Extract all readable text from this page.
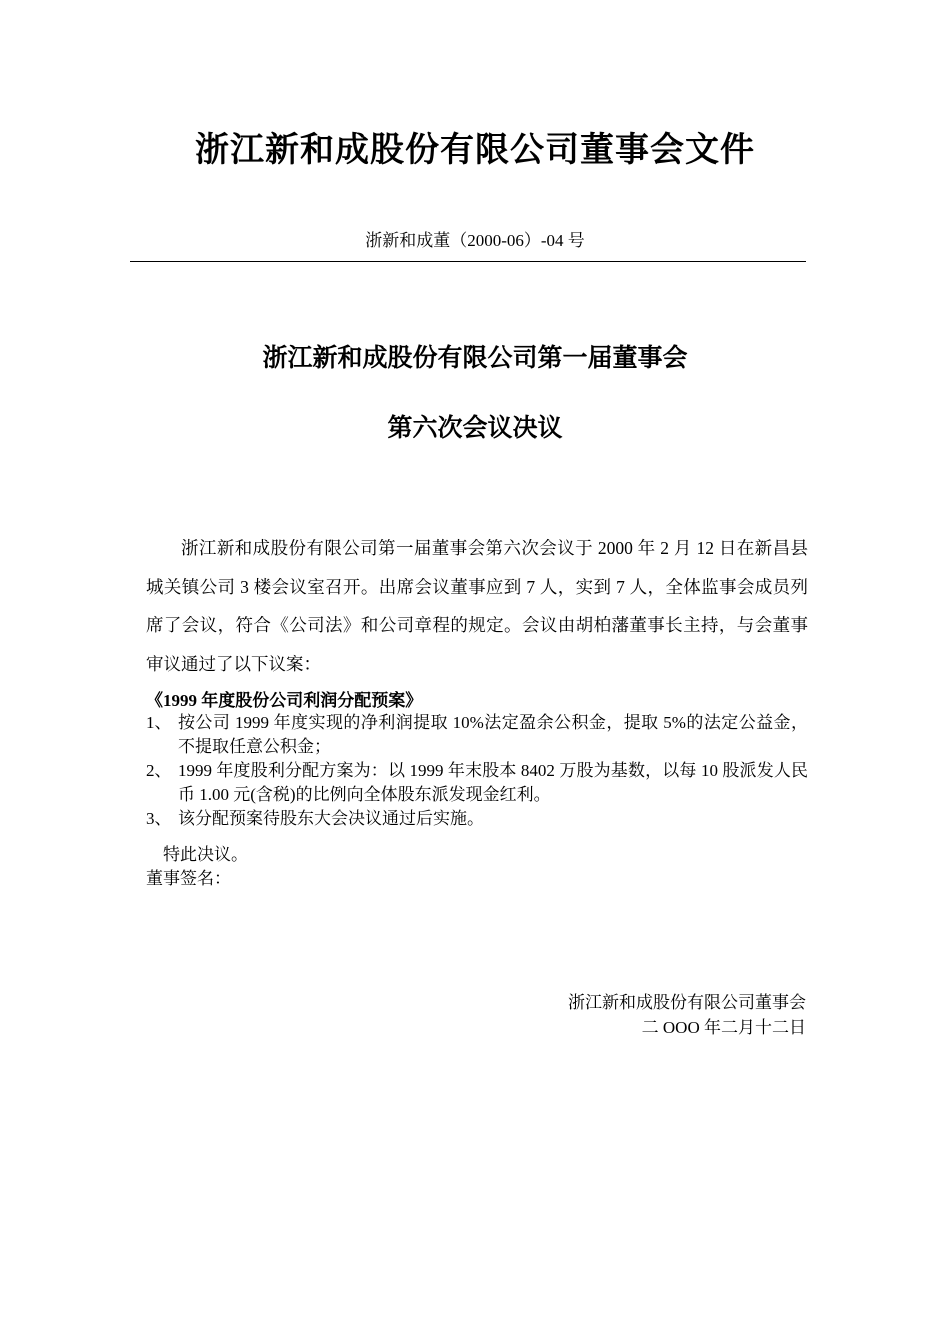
浙江新和成股份有限公司董事会文件
浙新和成董（2000-06）-04 号
浙江新和成股份有限公司第一届董事会
第六次会议决议
浙江新和成股份有限公司第一届董事会第六次会议于 2000 年 2 月 12 日在新昌县城关镇公司 3 楼会议室召开。出席会议董事应到 7 人，实到 7 人，全体监事会成员列席了会议，符合《公司法》和公司章程的规定。会议由胡柏藩董事长主持，与会董事审议通过了以下议案：
《1999 年度股份公司利润分配预案》
1、 按公司 1999 年度实现的净利润提取 10%法定盈余公积金，提取 5%的法定公益金，不提取任意公积金；
2、 1999 年度股利分配方案为：以 1999 年末股本 8402 万股为基数，以每 10 股派发人民币 1.00 元(含税)的比例向全体股东派发现金红利。
3、 该分配预案待股东大会决议通过后实施。
特此决议。
董事签名：
浙江新和成股份有限公司董事会
二 OOO 年二月十二日
